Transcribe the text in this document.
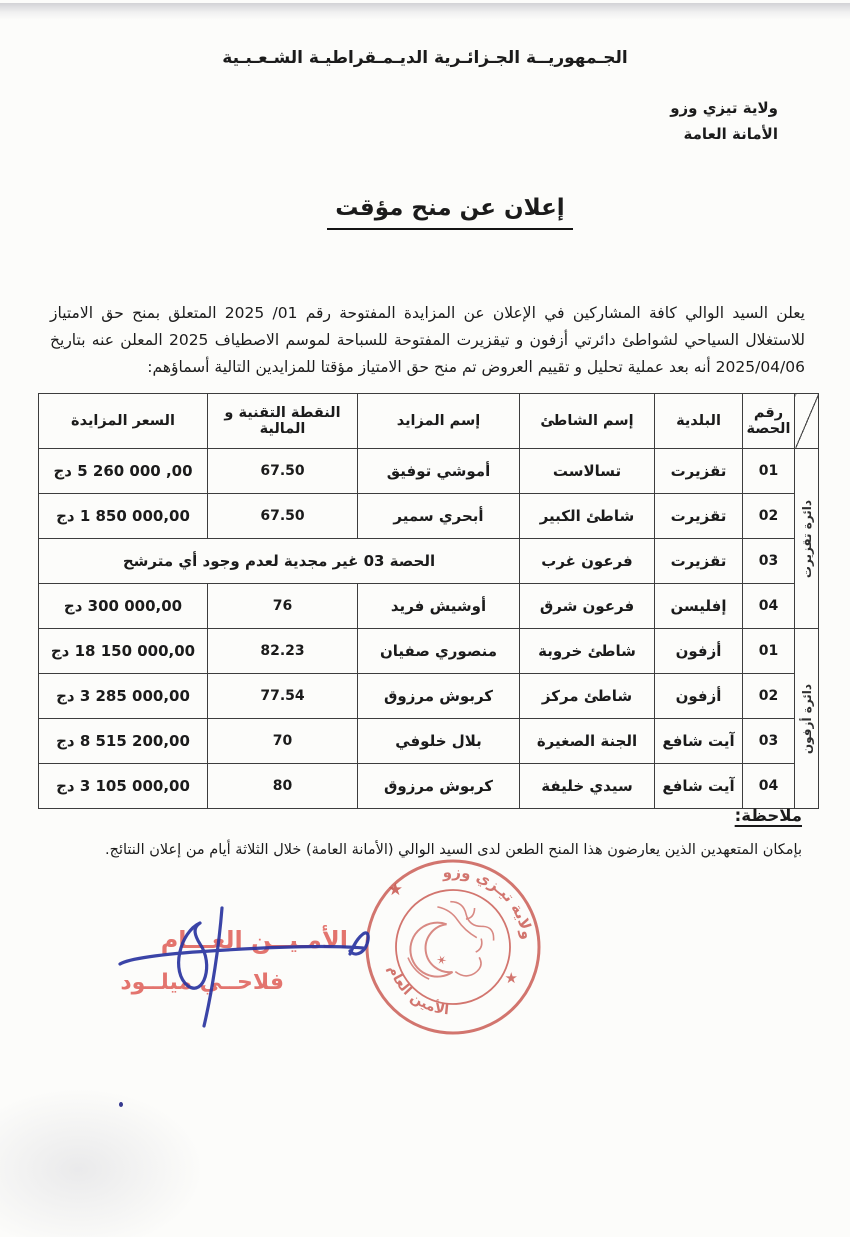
الجـمهوريــة الجـزائـرية الديـمـقراطيـة الشـعـبـية
ولاية تيزي وزو
الأمانة العامة
إعلان عن منح مؤقت

يعلن السيد الوالي كافة المشاركين في الإعلان عن المزايدة المفتوحة رقم 01/ 2025 المتعلق بمنح حق الامتياز للاستغلال السياحي لشواطئ دائرتي أزفون و تيقزيرت المفتوحة للسباحة لموسم الاصطياف 2025 المعلن عنه بتاريخ 2025/04/06 أنه بعد عملية تحليل و تقييم العروض تم منح حق الامتياز مؤقتا للمزايدين التالية أسماؤهم:

	رقم الحصة	البلدية	إسم الشاطئ	إسم المزايد	النقطة التقنية و المالية	السعر المزايدة

دائرة تقزيرت	01	تقزيرت	تسالاست	أموشي توفيق	67.50	5 260 000 ,00 دج
	02	تقزيرت	شاطئ الكبير	أبحري سمير	67.50	1 850 000,00 دج
	03	تقزيرت	فرعون غرب	الحصة 03 غير مجدية لعدم وجود أي مترشح		
	04	إفليسن	فرعون شرق	أوشيش فريد	76	300 000,00 دج

دائرة أزفون	01	أزفون	شاطئ خروبة	منصوري صفيان	82.23	18 150 000,00 دج
	02	أزفون	شاطئ مركز	كربوش مرزوق	77.54	3 285 000,00 دج
	03	آيت شافع	الجنة الصغيرة	بلال خلوفي	70	8 515 200,00 دج
	04	آيت شافع	سيدي خليفة	كربوش مرزوق	80	3 105 000,00 دج
ملاحظة:
بإمكان المتعهدين الذين يعارضون هذا المنح الطعن لدى السيد الوالي (الأمانة العامة) خلال الثلاثة أيام من إعلان النتائج.
ولاية تيـزي وزو
الأمين العام
✶
★
★
الأمـيــن العـــام
فلاحــي ميلــود
